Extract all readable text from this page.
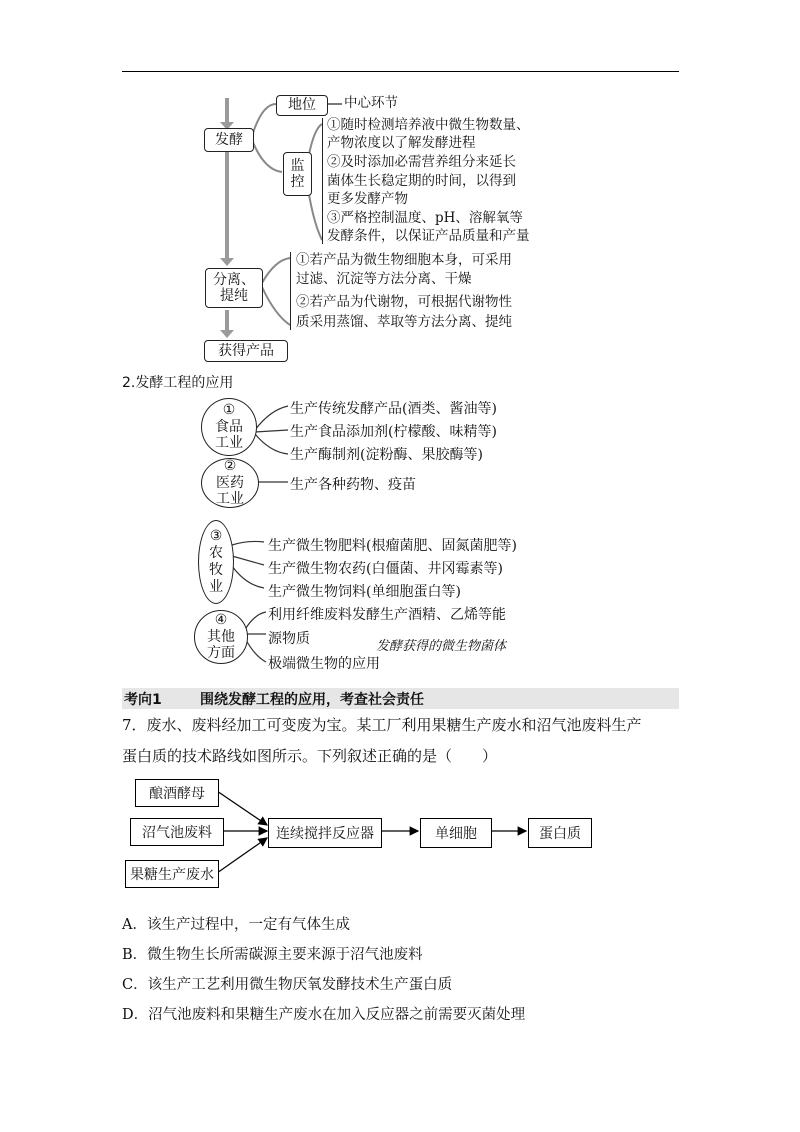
发酵
地位 中心环节
监控
①随时检测培养液中微生物数量、
产物浓度以了解发酵进程
②及时添加必需营养组分来延长
菌体生长稳定期的时间，以得到
更多发酵产物
③严格控制温度、pH、溶解氧等
发酵条件，以保证产品质量和产量
分离、提纯
①若产品为微生物细胞本身，可采用
过滤、沉淀等方法分离、干燥
②若产品为代谢物，可根据代谢物性
质采用蒸馏、萃取等方法分离、提纯
获得产品
2.发酵工程的应用
①
食品工业
生产传统发酵产品(酒类、酱油等)
生产食品添加剂(柠檬酸、味精等)
生产酶制剂(淀粉酶、果胶酶等)
②
医药工业
生产各种药物、疫苗
③
农牧业
生产微生物肥料(根瘤菌肥、固氮菌肥等)
生产微生物农药(白僵菌、井冈霉素等)
生产微生物饲料(单细胞蛋白等)
④
其他方面
利用纤维废料发酵生产酒精、乙烯等能
源物质	发酵获得的微生物菌体
极端微生物的应用
考向1	围绕发酵工程的应用，考查社会责任
7．废水、废料经加工可变废为宝。某工厂利用果糖生产废水和沼气池废料生产
蛋白质的技术路线如图所示。下列叙述正确的是（　　）
酿酒酵母
沼气池废料
果糖生产废水
连续搅拌反应器	单细胞	蛋白质
A．该生产过程中，一定有气体生成
B．微生物生长所需碳源主要来源于沼气池废料
C．该生产工艺利用微生物厌氧发酵技术生产蛋白质
D．沼气池废料和果糖生产废水在加入反应器之前需要灭菌处理
